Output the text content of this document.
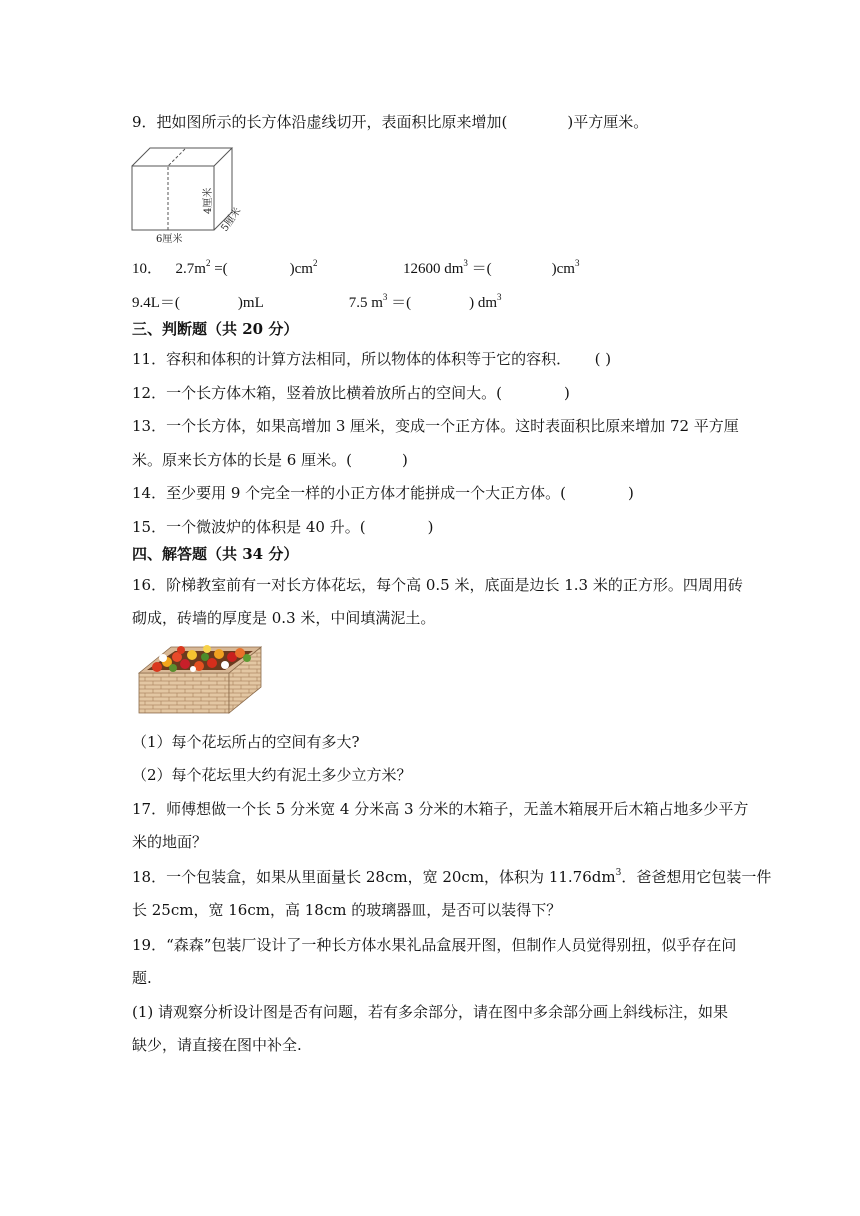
9．把如图所示的长方体沿虚线切开，表面积比原来增加(	)平方厘米。
6厘米
4厘米
5厘米
10． $2.7m^2$ =(	)$cm^2$	12600 $dm^3$ ＝(	)$cm^3$
9.4L＝(	)mL	7.5 $m^3$ ＝(	) $dm^3$
三、判断题（共 20 分）
11．容积和体积的计算方法相同，所以物体的体积等于它的容积． ( )
12．一个长方体木箱，竖着放比横着放所占的空间大。(	)
13．一个长方体，如果高增加 3 厘米，变成一个正方体。这时表面积比原来增加 72 平方厘
米。原来长方体的长是 6 厘米。(	)
14．至少要用 9 个完全一样的小正方体才能拼成一个大正方体。(	)
15．一个微波炉的体积是 40 升。(	)
四、解答题（共 34 分）
16．阶梯教室前有一对长方体花坛，每个高 0.5 米，底面是边长 1.3 米的正方形。四周用砖
砌成，砖墙的厚度是 0.3 米，中间填满泥土。
（1）每个花坛所占的空间有多大?
（2）每个花坛里大约有泥土多少立方米？
17．师傅想做一个长 5 分米宽 4 分米高 3 分米的木箱子，无盖木箱展开后木箱占地多少平方
米的地面？
18．一个包装盒，如果从里面量长 28cm，宽 20cm，体积为 $11.76dm^3$．爸爸想用它包装一件
长 25cm，宽 16cm，高 18cm 的玻璃器皿，是否可以装得下？
19．“森森”包装厂设计了一种长方体水果礼品盒展开图，但制作人员觉得别扭，似乎存在问
题.
(1) 请观察分析设计图是否有问题，若有多余部分，请在图中多余部分画上斜线标注，如果
缺少，请直接在图中补全.
